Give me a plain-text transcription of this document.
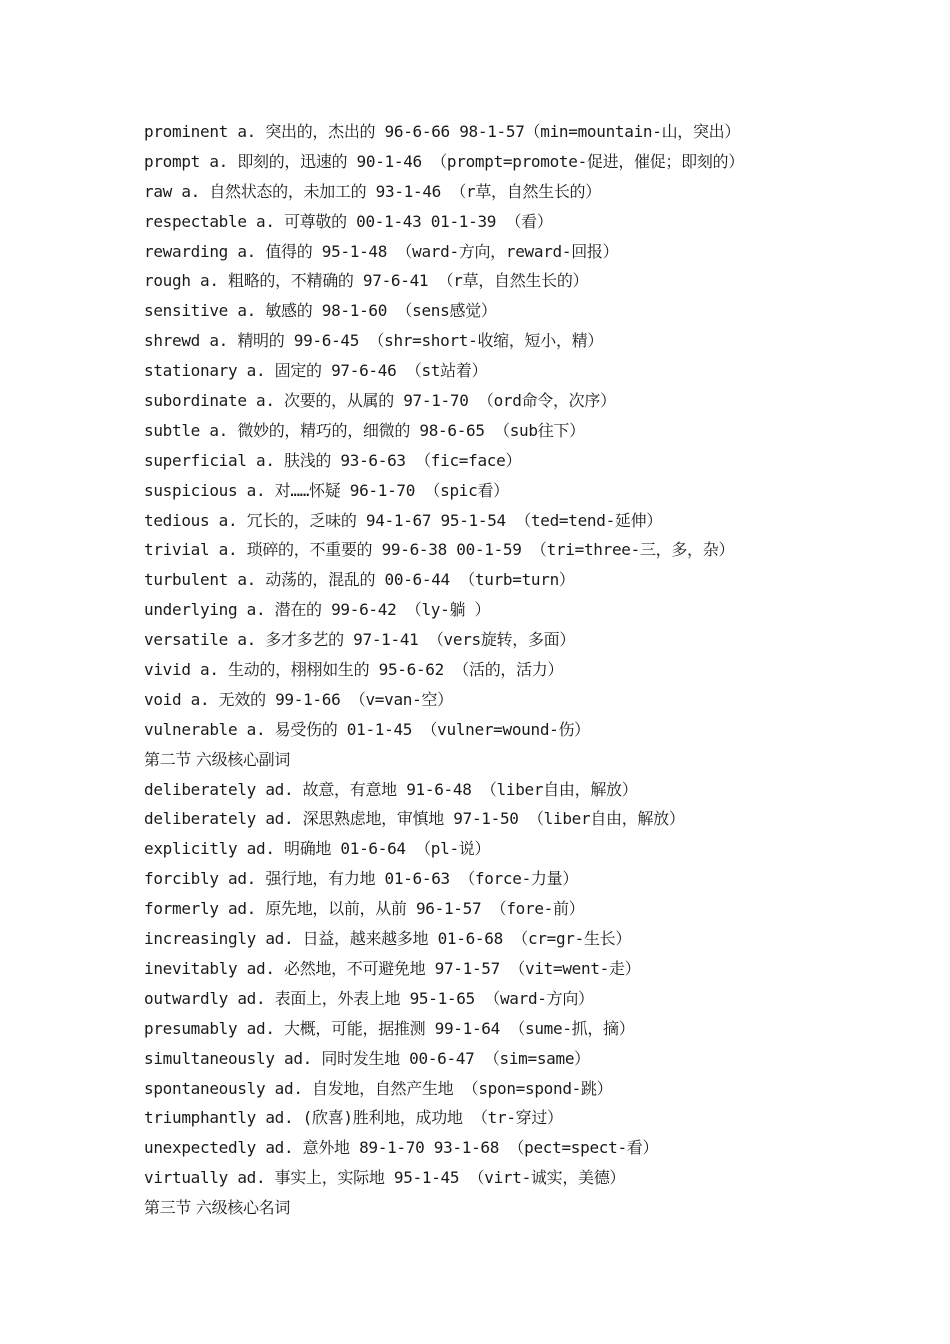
prominent a. 突出的，杰出的 96-6-66 98-1-57（min=mountain-山，突出）
prompt a. 即刻的，迅速的 90-1-46 （prompt=promote-促进，催促；即刻的）
raw a. 自然状态的，未加工的 93-1-46 （r草，自然生长的）
respectable a. 可尊敬的 00-1-43 01-1-39 （看）
rewarding a. 值得的 95-1-48 （ward-方向，reward-回报）
rough a. 粗略的，不精确的 97-6-41 （r草，自然生长的）
sensitive a. 敏感的 98-1-60 （sens感觉）
shrewd a. 精明的 99-6-45 （shr=short-收缩，短小，精）
stationary a. 固定的 97-6-46 （st站着）
subordinate a. 次要的，从属的 97-1-70 （ord命令，次序）
subtle a. 微妙的，精巧的，细微的 98-6-65 （sub往下）
superficial a. 肤浅的 93-6-63 （fic=face）
suspicious a. 对……怀疑 96-1-70 （spic看）
tedious a. 冗长的，乏味的 94-1-67 95-1-54 （ted=tend-延伸）
trivial a. 琐碎的，不重要的 99-6-38 00-1-59 （tri=three-三，多，杂）
turbulent a. 动荡的，混乱的 00-6-44 （turb=turn）
underlying a. 潜在的 99-6-42 （ly-躺 ）
versatile a. 多才多艺的 97-1-41 （vers旋转，多面）
vivid a. 生动的，栩栩如生的 95-6-62 （活的，活力）
void a. 无效的 99-1-66 （v=van-空）
vulnerable a. 易受伤的 01-1-45 （vulner=wound-伤）
第二节 六级核心副词
deliberately ad. 故意，有意地 91-6-48 （liber自由，解放）
deliberately ad. 深思熟虑地，审慎地 97-1-50 （liber自由，解放）
explicitly ad. 明确地 01-6-64 （pl-说）
forcibly ad. 强行地，有力地 01-6-63 （force-力量）
formerly ad. 原先地，以前，从前 96-1-57 （fore-前）
increasingly ad. 日益，越来越多地 01-6-68 （cr=gr-生长）
inevitably ad. 必然地，不可避免地 97-1-57 （vit=went-走）
outwardly ad. 表面上，外表上地 95-1-65 （ward-方向）
presumably ad. 大概，可能，据推测 99-1-64 （sume-抓，摘）
simultaneously ad. 同时发生地 00-6-47 （sim=same）
spontaneously ad. 自发地，自然产生地 （spon=spond-跳）
triumphantly ad. (欣喜)胜利地，成功地 （tr-穿过）
unexpectedly ad. 意外地 89-1-70 93-1-68 （pect=spect-看）
virtually ad. 事实上，实际地 95-1-45 （virt-诚实，美德）
第三节 六级核心名词
